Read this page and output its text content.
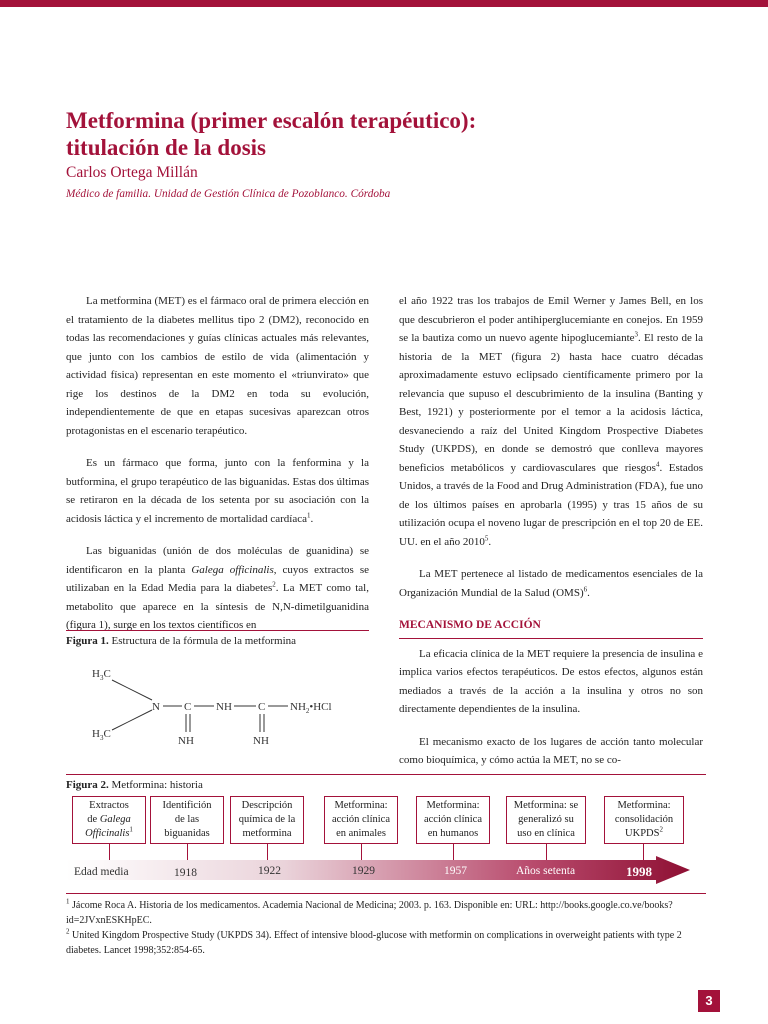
Metformina (primer escalón terapéutico):
titulación de la dosis

Carlos Ortega Millán

Médico de familia. Unidad de Gestión Clínica de Pozoblanco. Córdoba

La metformina (MET) es el fármaco oral de primera elección en el tratamiento de la diabetes mellitus tipo 2 (DM2), reconocido en todas las recomendaciones y guías clínicas actuales más relevantes, que junto con los cambios de estilo de vida (alimentación y actividad física) representan en este momento el «triunvirato» que rige los destinos de la DM2 en toda su evolución, independientemente de que en etapas sucesivas aparezcan otros protagonistas en el escenario terapéutico.

Es un fármaco que forma, junto con la fenformina y la butformina, el grupo terapéutico de las biguanidas. Estas dos últimas se retiraron en la década de los setenta por su asociación con la acidosis láctica y el incremento de mortalidad cardíaca$^1$.

Las biguanidas (unión de dos moléculas de guanidina) se identificaron en la planta Galega officinalis, cuyos extractos se utilizaban en la Edad Media para la diabetes$^2$. La MET como tal, metabolito que aparece en la síntesis de N,N-dimetilguanidina (figura 1), surge en los textos científicos en

el año 1922 tras los trabajos de Emil Werner y James Bell, en los que descubrieron el poder antihiperglucemiante en conejos. En 1959 se la bautiza como un nuevo agente hipoglucemiante$^3$. El resto de la historia de la MET (figura 2) hasta hace cuatro décadas aproximadamente estuvo eclipsado científicamente primero por la relevancia que supuso el descubrimiento de la insulina (Banting y Best, 1921) y posteriormente por el temor a la acidosis láctica, desvaneciendo a raíz del United Kingdom Prospective Diabetes Study (UKPDS), en donde se demostró que conlleva mayores beneficios metabólicos y cardiovasculares que riesgos$^4$. Estados Unidos, a través de la Food and Drug Administration (FDA), fue uno de los últimos países en aprobarla (1995) y tras 15 años de su utilización ocupa el noveno lugar de prescripción en el top 20 de EE. UU. en el año 2010$^5$.

La MET pertenece al listado de medicamentos esenciales de la Organización Mundial de la Salud (OMS)$^6$.

MECANISMO DE ACCIÓN

La eficacia clínica de la MET requiere la presencia de insulina e implica varios efectos terapéuticos. De estos efectos, algunos están mediados a través de la acción a la insulina y otros no son directamente dependientes de la insulina.

El mecanismo exacto de los lugares de acción tanto molecular como bioquímica, y cómo actúa la MET, no se co-

Figura 1. Estructura de la fórmula de la metformina
$H_3C$
$H_3C$
N C NH C $NH_2•HCl$
NH	NH
Figura 2. Metformina: historia
Extractos
de Galega
Officinalis$^1$
Identifición
de las
biguanidas
Descripción
química de la
metformina
Metformina:
acción clínica
en animales
Metformina:
acción clínica
en humanos
Metformina: se
generalizó su
uso en clínica
Metformina:
consolidación
UKPDS$^2$
Edad media	1918	1922	1929	1957	Años setenta	1998

$^1$ Jácome Roca A. Historia de los medicamentos. Academia Nacional de Medicina; 2003. p. 163. Disponible en: URL: http://books.google.co.ve/books?id=2JVxnESKHpEC.

$^2$ United Kingdom Prospective Study (UKPDS 34). Effect of intensive blood-glucose with metformin on complications in overweight patients with type 2 diabetes. Lancet 1998;352:854-65.

3
